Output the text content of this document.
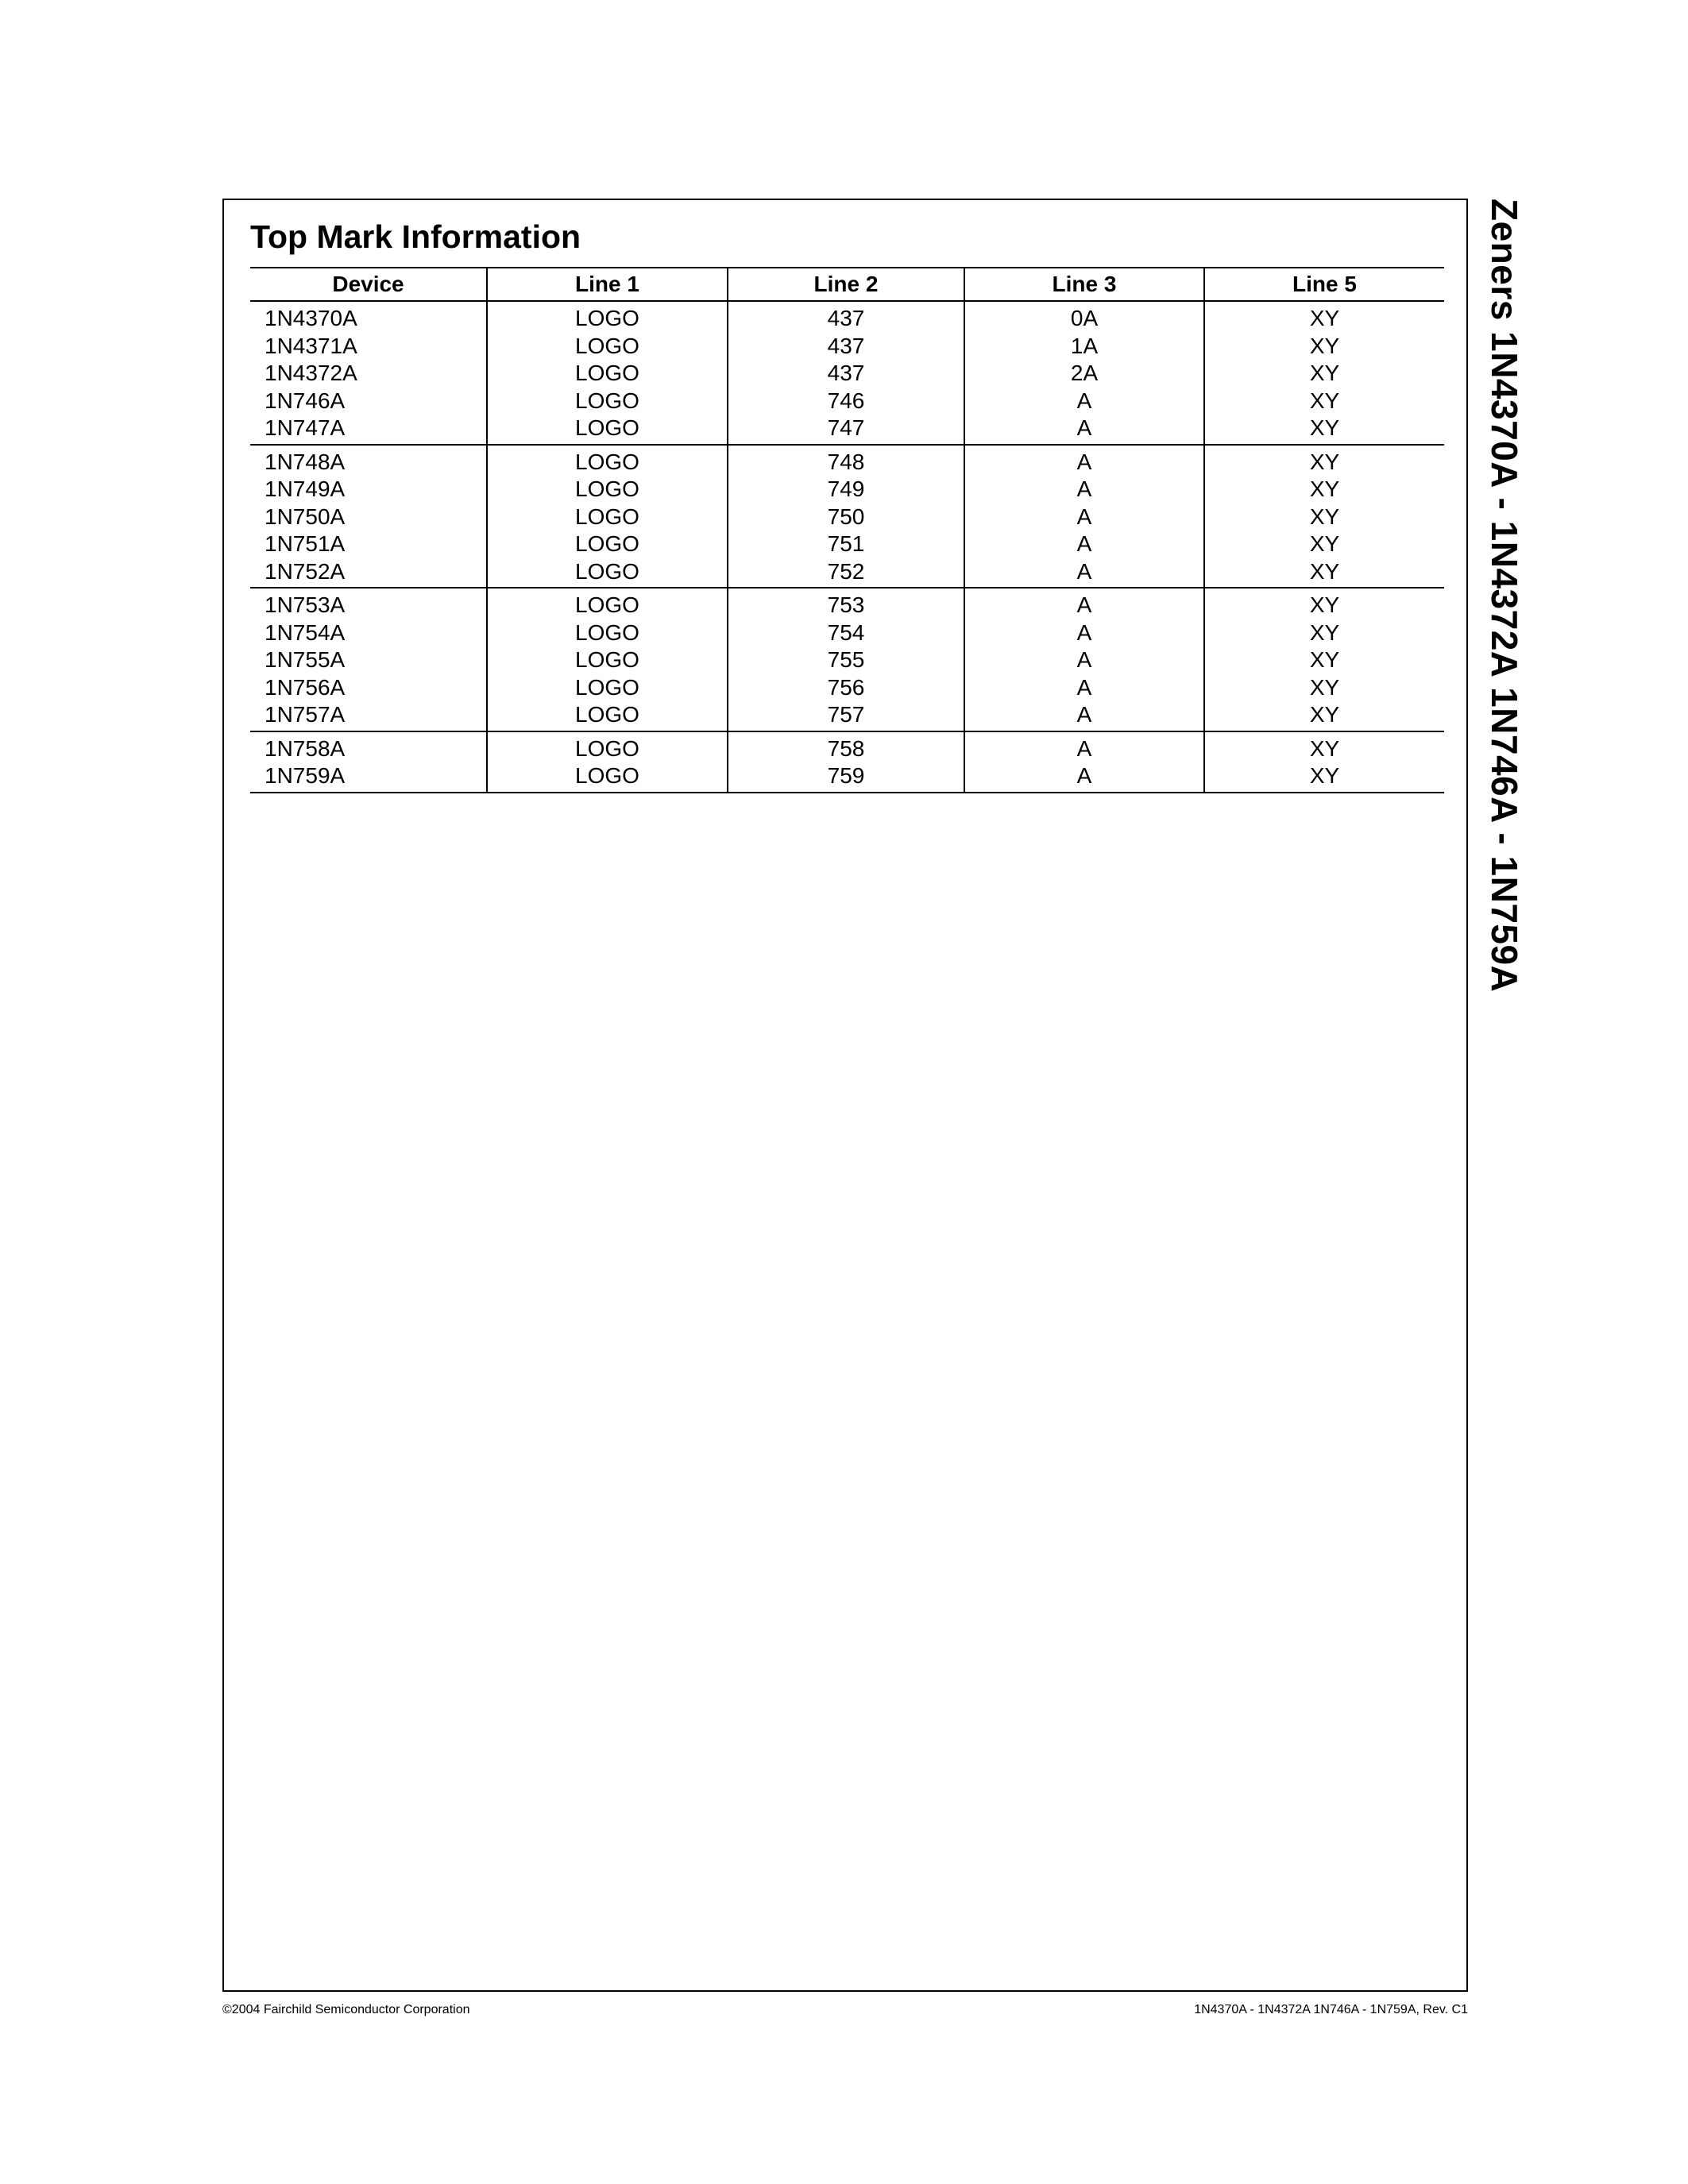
Top Mark Information
Device	Line 1	Line 2	Line 3	Line 5
1N4370A	LOGO	437	0A	XY
1N4371A	LOGO	437	1A	XY
1N4372A	LOGO	437	2A	XY
1N746A	LOGO	746	A	XY
1N747A	LOGO	747	A	XY
1N748A	LOGO	748	A	XY
1N749A	LOGO	749	A	XY
1N750A	LOGO	750	A	XY
1N751A	LOGO	751	A	XY
1N752A	LOGO	752	A	XY
1N753A	LOGO	753	A	XY
1N754A	LOGO	754	A	XY
1N755A	LOGO	755	A	XY
1N756A	LOGO	756	A	XY
1N757A	LOGO	757	A	XY
1N758A	LOGO	758	A	XY
1N759A	LOGO	759	A	XY	Zeners 1N4370A - 1N4372A 1N746A - 1N759A
©2004 Fairchild Semiconductor Corporation	1N4370A - 1N4372A 1N746A - 1N759A, Rev. C1
